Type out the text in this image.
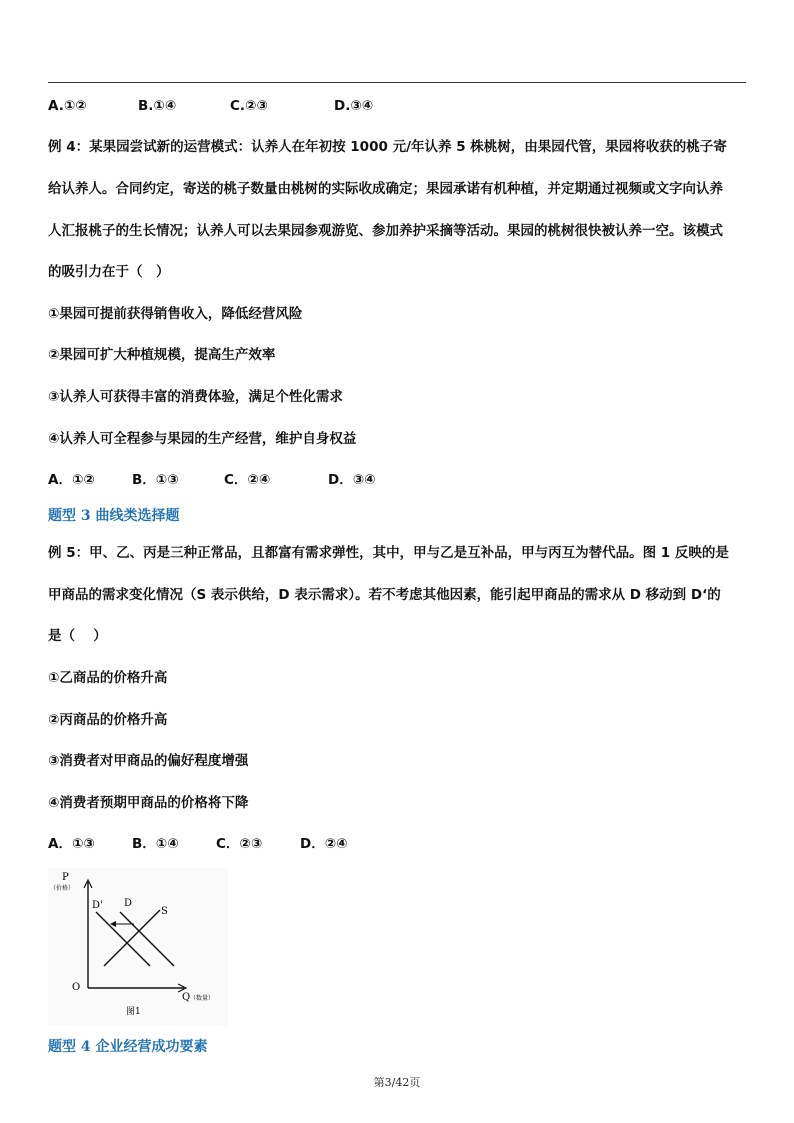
A.①②	B.①④	C.②③	D.③④
例 4：某果园尝试新的运营模式：认养人在年初按 1000 元/年认养 5 株桃树，由果园代管，果园将收获的桃子寄
给认养人。合同约定，寄送的桃子数量由桃树的实际收成确定；果园承诺有机种植，并定期通过视频或文字向认养
人汇报桃子的生长情况；认养人可以去果园参观游览、参加养护采摘等活动。果园的桃树很快被认养一空。该模式
的吸引力在于（　）
①果园可提前获得销售收入，降低经营风险
②果园可扩大种植规模，提高生产效率
③认养人可获得丰富的消费体验，满足个性化需求
④认养人可全程参与果园的生产经营，维护自身权益
A．①②	B．①③	C．②④	D．③④
题型 3 曲线类选择题
例 5：甲、乙、丙是三种正常品，且都富有需求弹性，其中，甲与乙是互补品，甲与丙互为替代品。图 1 反映的是
甲商品的需求变化情况（S 表示供给，D 表示需求）。若不考虑其他因素，能引起甲商品的需求从 D 移动到 D‘的
是（　 ）
①乙商品的价格升高
②丙商品的价格升高
③消费者对甲商品的偏好程度增强
④消费者预期甲商品的价格将下降
A．①③	B．①④	C．②③	D．②④
P
（价格）
D' D
S
O
Q （数量）
图1
题型 4 企业经营成功要素
第3/42页
